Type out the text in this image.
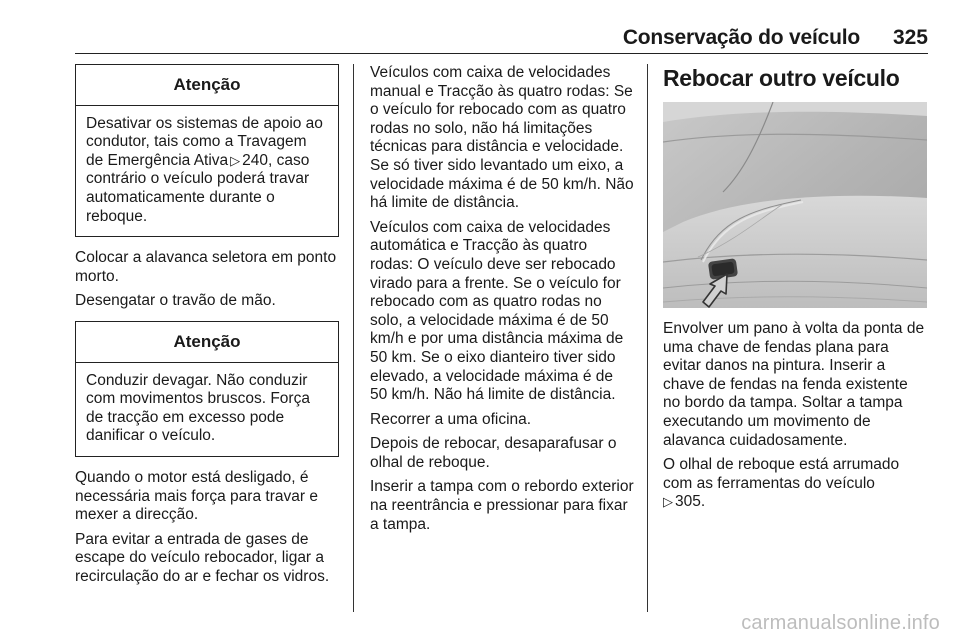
Conservação do veículo	325
Atenção
Desativar os sistemas de apoio ao condutor, tais como a Travagem de Emergência Ativa ▷ 240, caso contrário o veículo poderá travar automaticamente durante o reboque.

Colocar a alavanca seletora em ponto morto.

Desengatar o travão de mão.

Atenção
Conduzir devagar. Não conduzir com movimentos bruscos. Força de tracção em excesso pode danificar o veículo.

Quando o motor está desligado, é necessária mais força para travar e mexer a direcção.

Para evitar a entrada de gases de escape do veículo rebocador, ligar a recirculação do ar e fechar os vidros.

Veículos com caixa de velocidades manual e Tracção às quatro rodas: Se o veículo for rebocado com as quatro rodas no solo, não há limitações técnicas para distância e velocidade. Se só tiver sido levantado um eixo, a velocidade máxima é de 50 km/h. Não há limite de distância.

Veículos com caixa de velocidades automática e Tracção às quatro rodas: O veículo deve ser rebocado virado para a frente. Se o veículo for rebocado com as quatro rodas no solo, a velocidade máxima é de 50 km/h e por uma distância máxima de 50 km. Se o eixo dianteiro tiver sido elevado, a velocidade máxima é de 50 km/h. Não há limite de distância.

Recorrer a uma oficina.

Depois de rebocar, desaparafusar o olhal de reboque.

Inserir a tampa com o rebordo exterior na reentrância e pressionar para fixar a tampa.

Rebocar outro veículo

Envolver um pano à volta da ponta de uma chave de fendas plana para evitar danos na pintura. Inserir a chave de fendas na fenda existente no bordo da tampa. Soltar a tampa executando um movimento de alavanca cuidadosamente.

O olhal de reboque está arrumado com as ferramentas do veículo
▷ 305.

carmanualsonline.info
